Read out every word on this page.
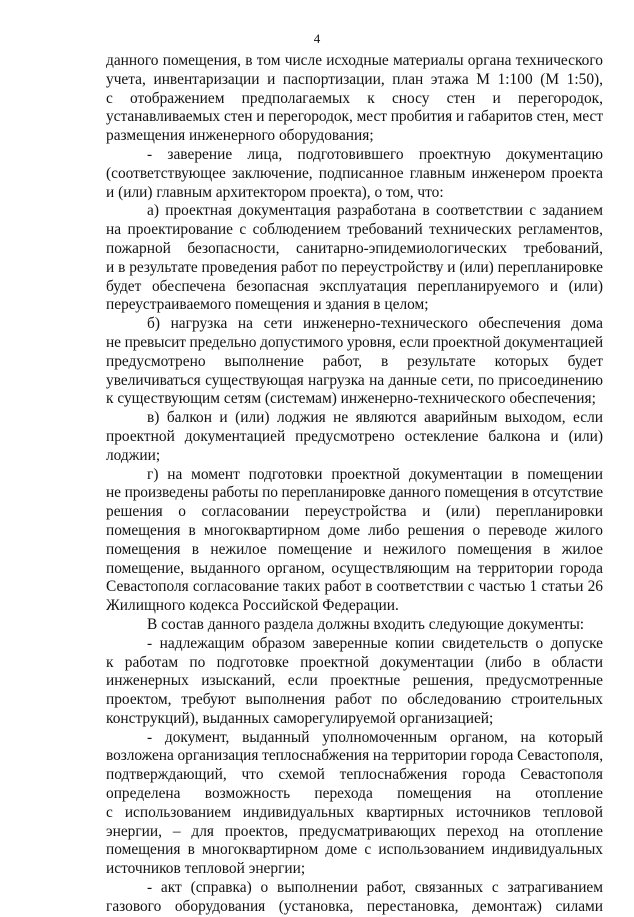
4
данного помещения, в том числе исходные материалы органа технического
учета, инвентаризации и паспортизации, план этажа М 1:100 (М 1:50),
с отображением предполагаемых к сносу стен и перегородок,
устанавливаемых стен и перегородок, мест пробития и габаритов стен, мест
размещения инженерного оборудования;
- заверение лица, подготовившего проектную документацию
(соответствующее заключение, подписанное главным инженером проекта
и (или) главным архитектором проекта), о том, что:
а) проектная документация разработана в соответствии с заданием
на проектирование с соблюдением требований технических регламентов,
пожарной безопасности, санитарно-эпидемиологических требований,
и в результате проведения работ по переустройству и (или) перепланировке
будет обеспечена безопасная эксплуатация перепланируемого и (или)
переустраиваемого помещения и здания в целом;
б) нагрузка на сети инженерно-технического обеспечения дома
не превысит предельно допустимого уровня, если проектной документацией
предусмотрено выполнение работ, в результате которых будет
увеличиваться существующая нагрузка на данные сети, по присоединению
к существующим сетям (системам) инженерно-технического обеспечения;
в) балкон и (или) лоджия не являются аварийным выходом, если
проектной документацией предусмотрено остекление балкона и (или)
лоджии;
г) на момент подготовки проектной документации в помещении
не произведены работы по перепланировке данного помещения в отсутствие
решения о согласовании переустройства и (или) перепланировки
помещения в многоквартирном доме либо решения о переводе жилого
помещения в нежилое помещение и нежилого помещения в жилое
помещение, выданного органом, осуществляющим на территории города
Севастополя согласование таких работ в соответствии с частью 1 статьи 26
Жилищного кодекса Российской Федерации.
В состав данного раздела должны входить следующие документы:
- надлежащим образом заверенные копии свидетельств о допуске
к работам по подготовке проектной документации (либо в области
инженерных изысканий, если проектные решения, предусмотренные
проектом, требуют выполнения работ по обследованию строительных
конструкций), выданных саморегулируемой организацией;
- документ, выданный уполномоченным органом, на который
возложена организация теплоснабжения на территории города Севастополя,
подтверждающий, что схемой теплоснабжения города Севастополя
определена возможность перехода помещения на отопление
с использованием индивидуальных квартирных источников тепловой
энергии, – для проектов, предусматривающих переход на отопление
помещения в многоквартирном доме с использованием индивидуальных
источников тепловой энергии;
- акт (справка) о выполнении работ, связанных с затрагиванием
газового оборудования (установка, перестановка, демонтаж) силами
